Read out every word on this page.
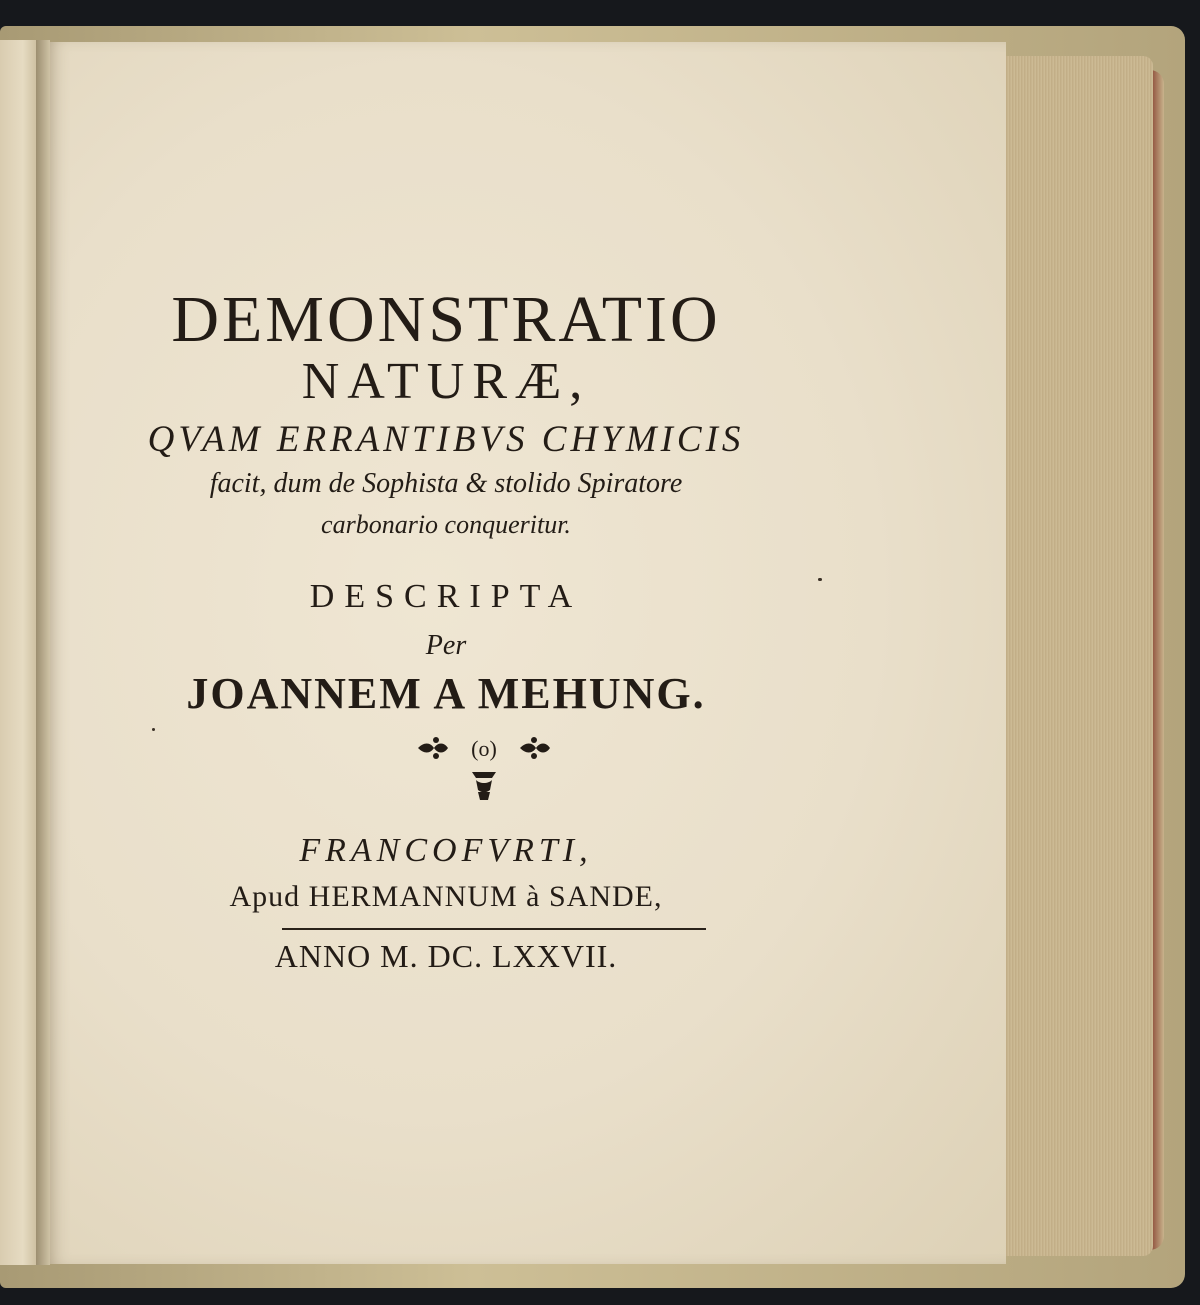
DEMONSTRATIO
NATURÆ,
QVAM ERRANTIBVS CHYMICIS
facit, dum de Sophista & stolido Spiratore
carbonario conqueritur.
DESCRIPTA
Per
JOANNEM A MEHUNG.
(o)
FRANCOFVRTI,
Apud HERMANNUM à SANDE,
ANNO M. DC. LXXVII.
